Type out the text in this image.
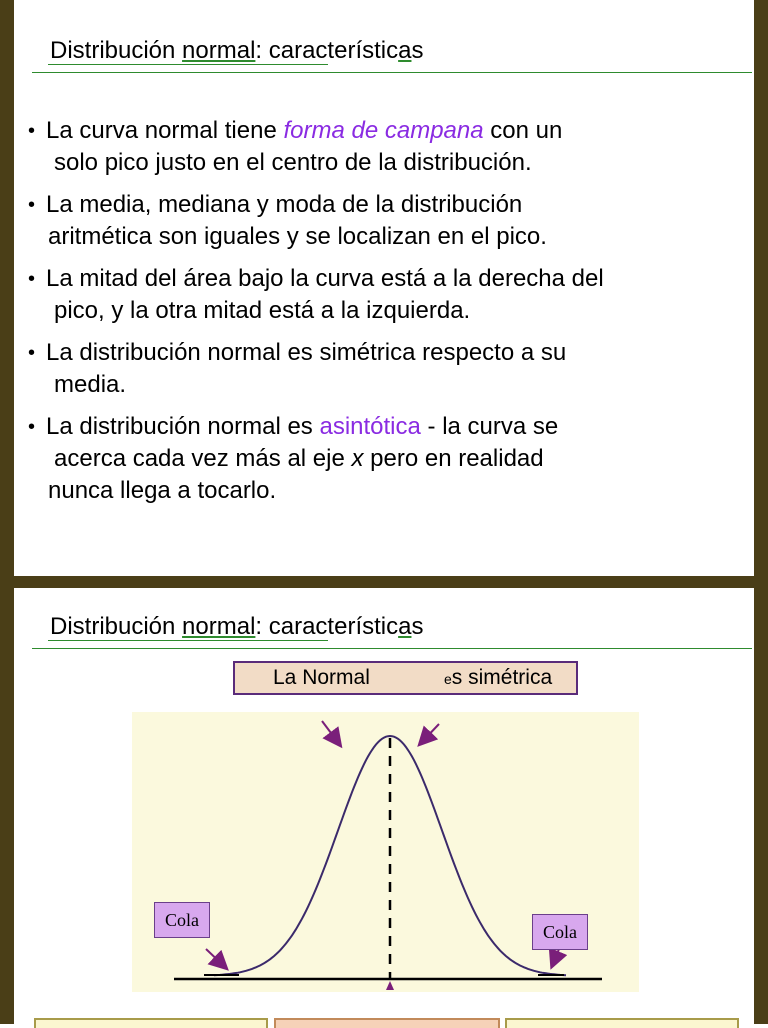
Distribución normal: características
• La curva normal tiene forma de campana con un
solo pico justo en el centro de la distribución.
• La media, mediana y moda de la distribución
aritmética son iguales y se localizan en el pico.
• La mitad del área bajo la curva está a la derecha del
pico, y la otra mitad está a la izquierda.
• La distribución normal es simétrica respecto a su
media.
• La distribución normal es asintótica - la curva se
acerca cada vez más al eje x pero en realidad
nunca llega a tocarlo.
Distribución normal: características
La Normal	es simétrica
Cola
Cola
